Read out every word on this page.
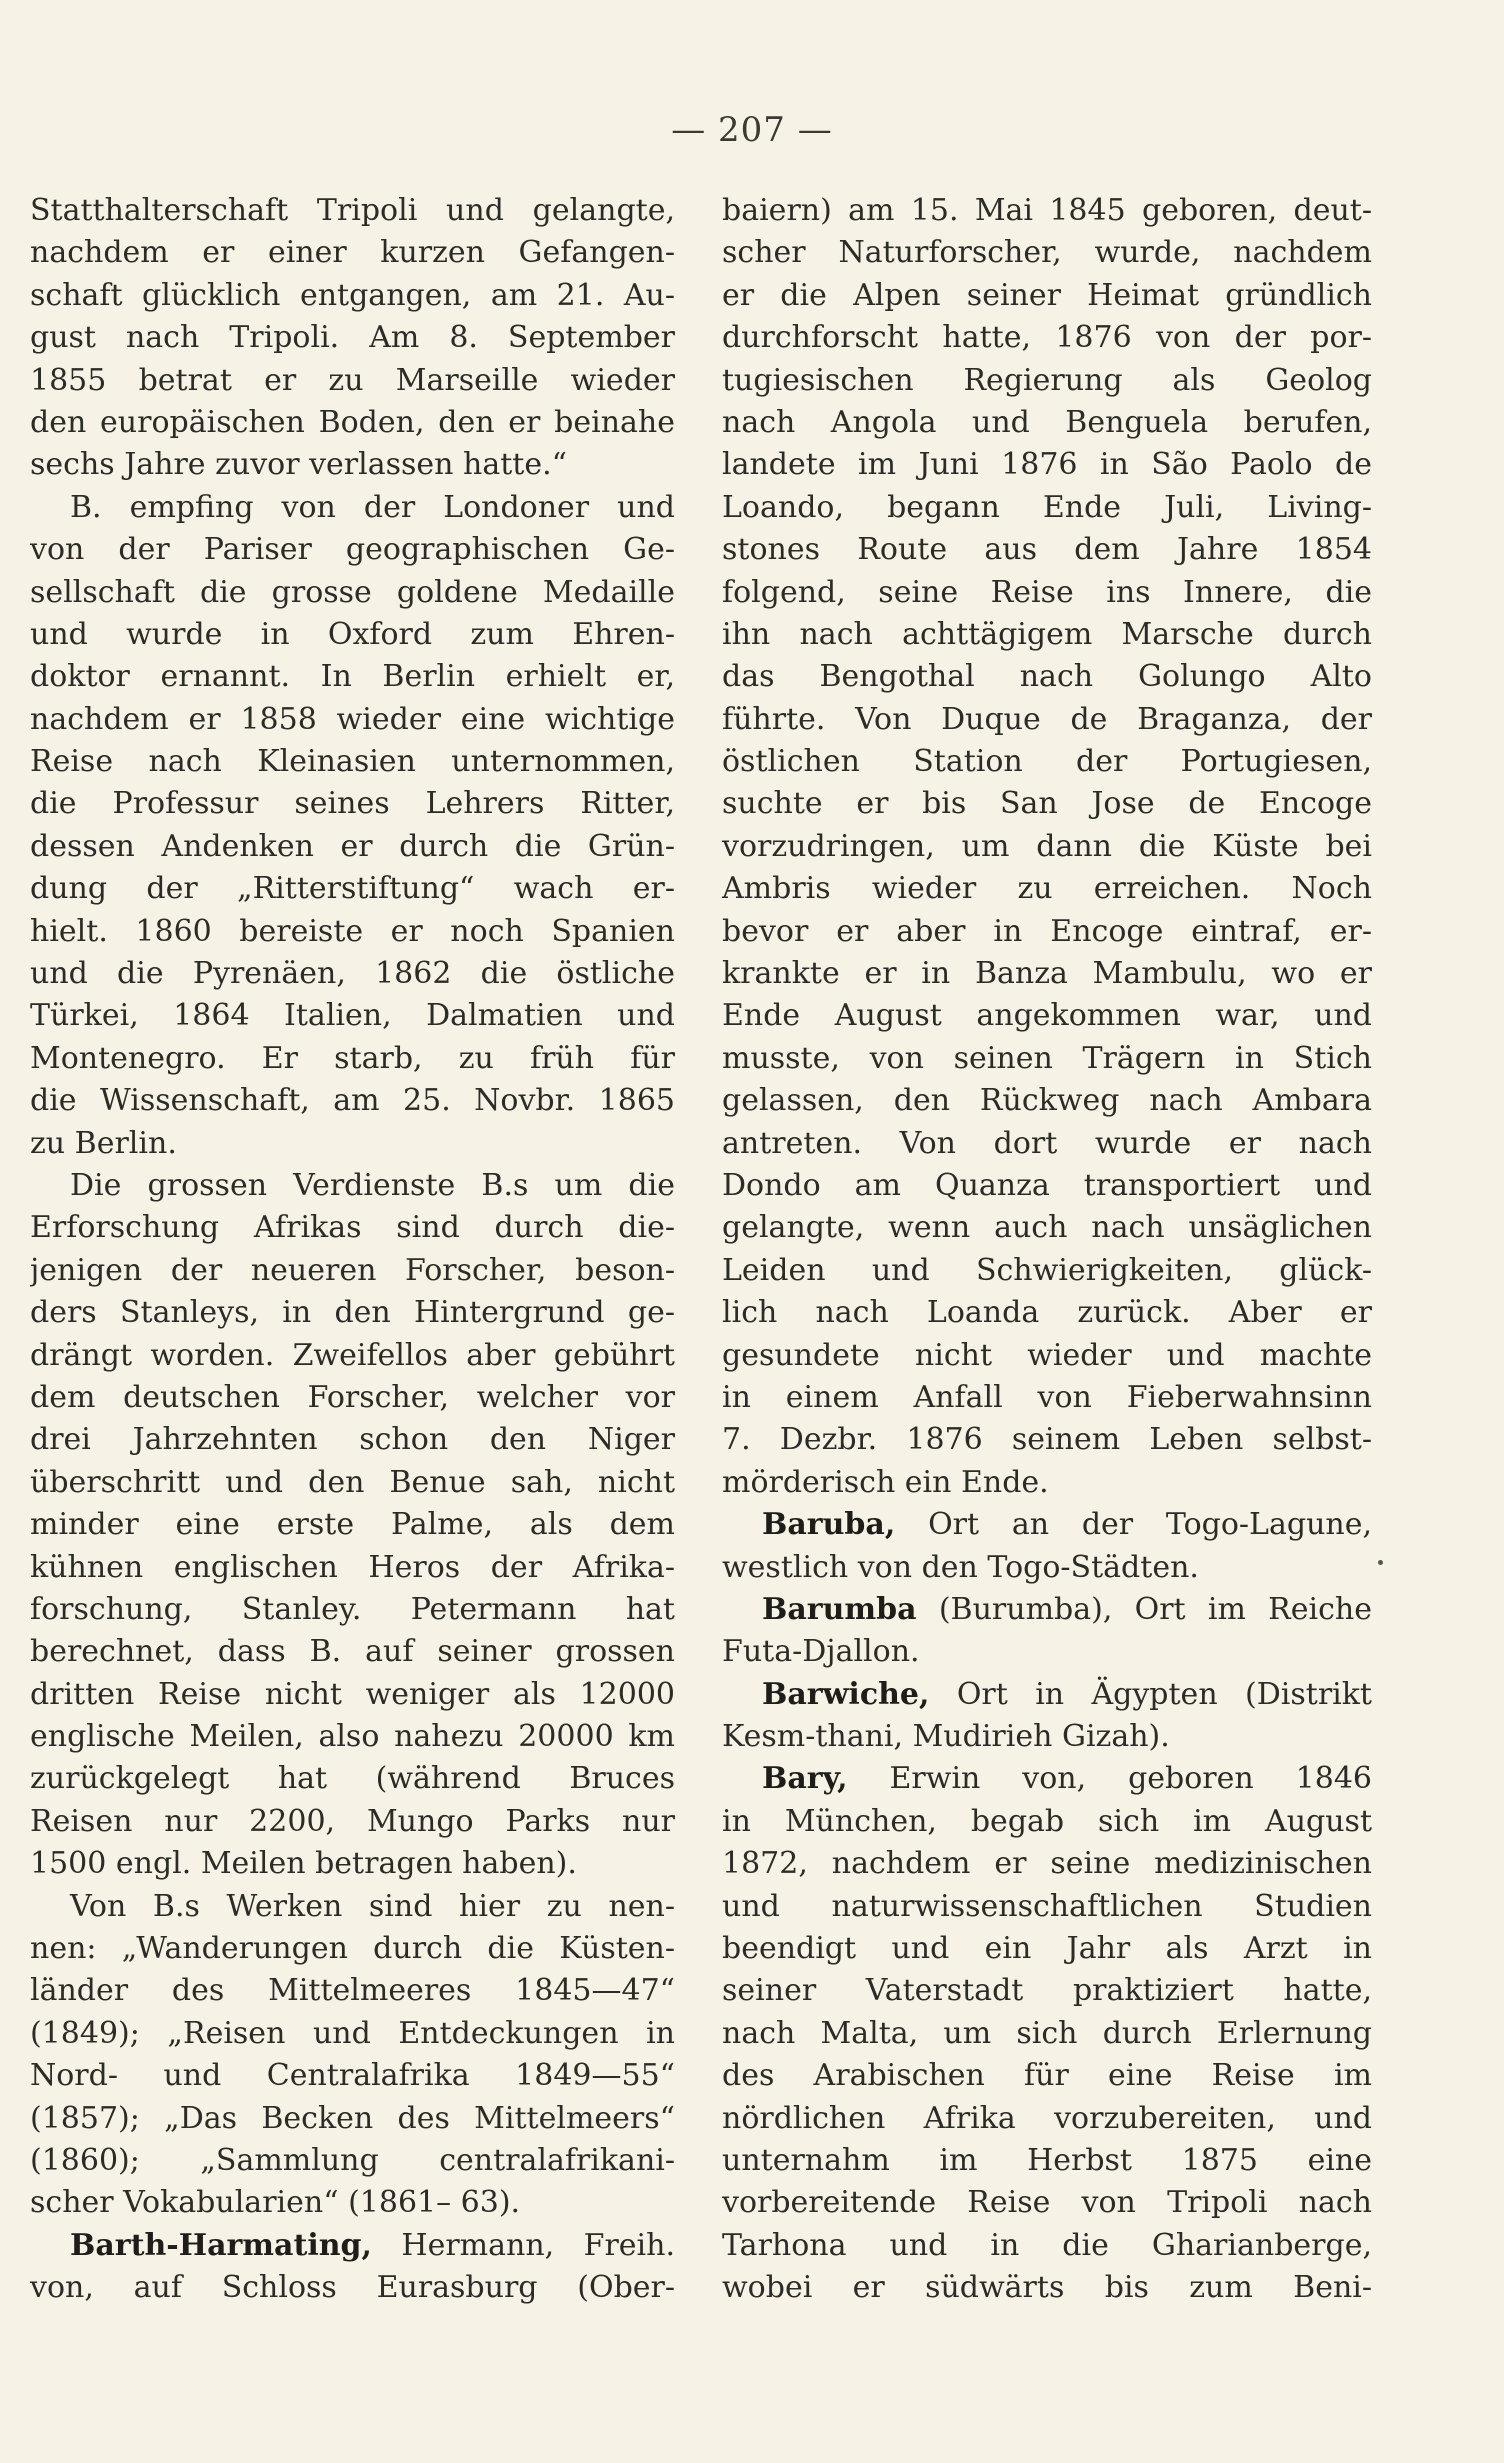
— 207 —
Statthalterschaft Tripoli und gelangte,
nachdem er einer kurzen Gefangen-
schaft glücklich entgangen, am 21. Au-
gust nach Tripoli. Am 8. September
1855 betrat er zu Marseille wieder
den europäischen Boden, den er beinahe
sechs Jahre zuvor verlassen hatte.“
B. empfing von der Londoner und
von der Pariser geographischen Ge-
sellschaft die grosse goldene Medaille
und wurde in Oxford zum Ehren-
doktor ernannt. In Berlin erhielt er,
nachdem er 1858 wieder eine wichtige
Reise nach Kleinasien unternommen,
die Professur seines Lehrers Ritter,
dessen Andenken er durch die Grün-
dung der „Ritterstiftung“ wach er-
hielt. 1860 bereiste er noch Spanien
und die Pyrenäen, 1862 die östliche
Türkei, 1864 Italien, Dalmatien und
Montenegro. Er starb, zu früh für
die Wissenschaft, am 25. Novbr. 1865
zu Berlin.
Die grossen Verdienste B.s um die
Erforschung Afrikas sind durch die-
jenigen der neueren Forscher, beson-
ders Stanleys, in den Hintergrund ge-
drängt worden. Zweifellos aber gebührt
dem deutschen Forscher, welcher vor
drei Jahrzehnten schon den Niger
überschritt und den Benue sah, nicht
minder eine erste Palme, als dem
kühnen englischen Heros der Afrika-
forschung, Stanley. Petermann hat
berechnet, dass B. auf seiner grossen
dritten Reise nicht weniger als 12000
englische Meilen, also nahezu 20000 km
zurückgelegt hat (während Bruces
Reisen nur 2200, Mungo Parks nur
1500 engl. Meilen betragen haben).
Von B.s Werken sind hier zu nen-
nen: „Wanderungen durch die Küsten-
länder des Mittelmeeres 1845—47“
(1849); „Reisen und Entdeckungen in
Nord- und Centralafrika 1849—55“
(1857); „Das Becken des Mittelmeers“
(1860); „Sammlung centralafrikani-
scher Vokabularien“ (1861– 63).
Barth-Harmating, Hermann, Freih.
von, auf Schloss Eurasburg (Ober-
baiern) am 15. Mai 1845 geboren, deut-
scher Naturforscher, wurde, nachdem
er die Alpen seiner Heimat gründlich
durchforscht hatte, 1876 von der por-
tugiesischen Regierung als Geolog
nach Angola und Benguela berufen,
landete im Juni 1876 in São Paolo de
Loando, begann Ende Juli, Living-
stones Route aus dem Jahre 1854
folgend, seine Reise ins Innere, die
ihn nach achttägigem Marsche durch
das Bengothal nach Golungo Alto
führte. Von Duque de Braganza, der
östlichen Station der Portugiesen,
suchte er bis San Jose de Encoge
vorzudringen, um dann die Küste bei
Ambris wieder zu erreichen. Noch
bevor er aber in Encoge eintraf, er-
krankte er in Banza Mambulu, wo er
Ende August angekommen war, und
musste, von seinen Trägern in Stich
gelassen, den Rückweg nach Ambara
antreten. Von dort wurde er nach
Dondo am Quanza transportiert und
gelangte, wenn auch nach unsäglichen
Leiden und Schwierigkeiten, glück-
lich nach Loanda zurück. Aber er
gesundete nicht wieder und machte
in einem Anfall von Fieberwahnsinn
7. Dezbr. 1876 seinem Leben selbst-
mörderisch ein Ende.
Baruba, Ort an der Togo-Lagune,
westlich von den Togo-Städten.
Barumba (Burumba), Ort im Reiche
Futa-Djallon.
Barwiche, Ort in Ägypten (Distrikt
Kesm-thani, Mudirieh Gizah).
Bary, Erwin von, geboren 1846
in München, begab sich im August
1872, nachdem er seine medizinischen
und naturwissenschaftlichen Studien
beendigt und ein Jahr als Arzt in
seiner Vaterstadt praktiziert hatte,
nach Malta, um sich durch Erlernung
des Arabischen für eine Reise im
nördlichen Afrika vorzubereiten, und
unternahm im Herbst 1875 eine
vorbereitende Reise von Tripoli nach
Tarhona und in die Gharianberge,
wobei er südwärts bis zum Beni-
